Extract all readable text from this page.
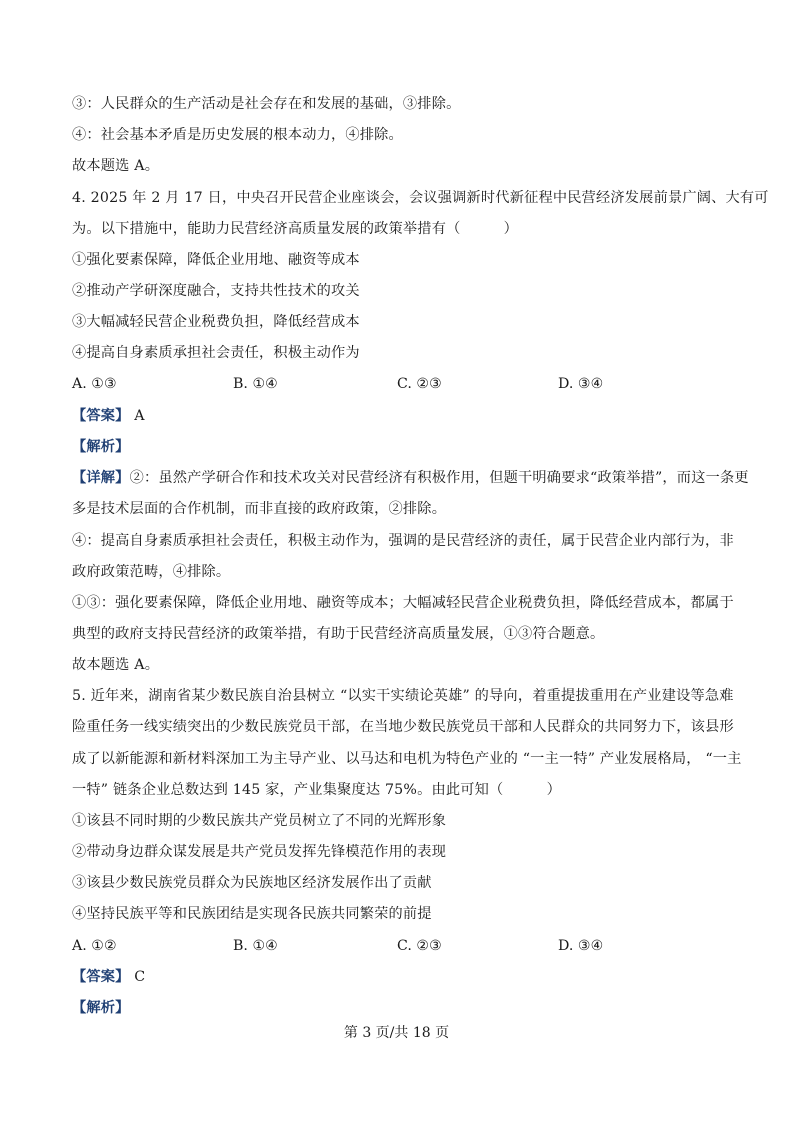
③：人民群众的生产活动是社会存在和发展的基础，③排除。
④：社会基本矛盾是历史发展的根本动力，④排除。
故本题选 A。
4. 2025 年 2 月 17 日，中央召开民营企业座谈会，会议强调新时代新征程中民营经济发展前景广阔、大有可
为。以下措施中，能助力民营经济高质量发展的政策举措有（　　　）
①强化要素保障，降低企业用地、融资等成本
②推动产学研深度融合，支持共性技术的攻关
③大幅减轻民营企业税费负担，降低经营成本
④提高自身素质承担社会责任，积极主动作为
A. ①③	B. ①④	C. ②③	D. ③④
【答案】 A
【解析】
【详解】②：虽然产学研合作和技术攻关对民营经济有积极作用，但题干明确要求“政策举措”，而这一条更
多是技术层面的合作机制，而非直接的政府政策，②排除。
④：提高自身素质承担社会责任，积极主动作为，强调的是民营经济的责任，属于民营企业内部行为，非
政府政策范畴，④排除。
①③：强化要素保障，降低企业用地、融资等成本；大幅减轻民营企业税费负担，降低经营成本，都属于
典型的政府支持民营经济的政策举措，有助于民营经济高质量发展，①③符合题意。
故本题选 A。
5. 近年来，湖南省某少数民族自治县树立 “以实干实绩论英雄” 的导向，着重提拔重用在产业建设等急难
险重任务一线实绩突出的少数民族党员干部，在当地少数民族党员干部和人民群众的共同努力下，该县形
成了以新能源和新材料深加工为主导产业、以马达和电机为特色产业的 “一主一特” 产业发展格局， “一主
一特” 链条企业总数达到 145 家，产业集聚度达 75%。由此可知（　　　）
①该县不同时期的少数民族共产党员树立了不同的光辉形象
②带动身边群众谋发展是共产党员发挥先锋模范作用的表现
③该县少数民族党员群众为民族地区经济发展作出了贡献
④坚持民族平等和民族团结是实现各民族共同繁荣的前提
A. ①②	B. ①④	C. ②③	D. ③④
【答案】 C
【解析】
第 3 页/共 18 页
